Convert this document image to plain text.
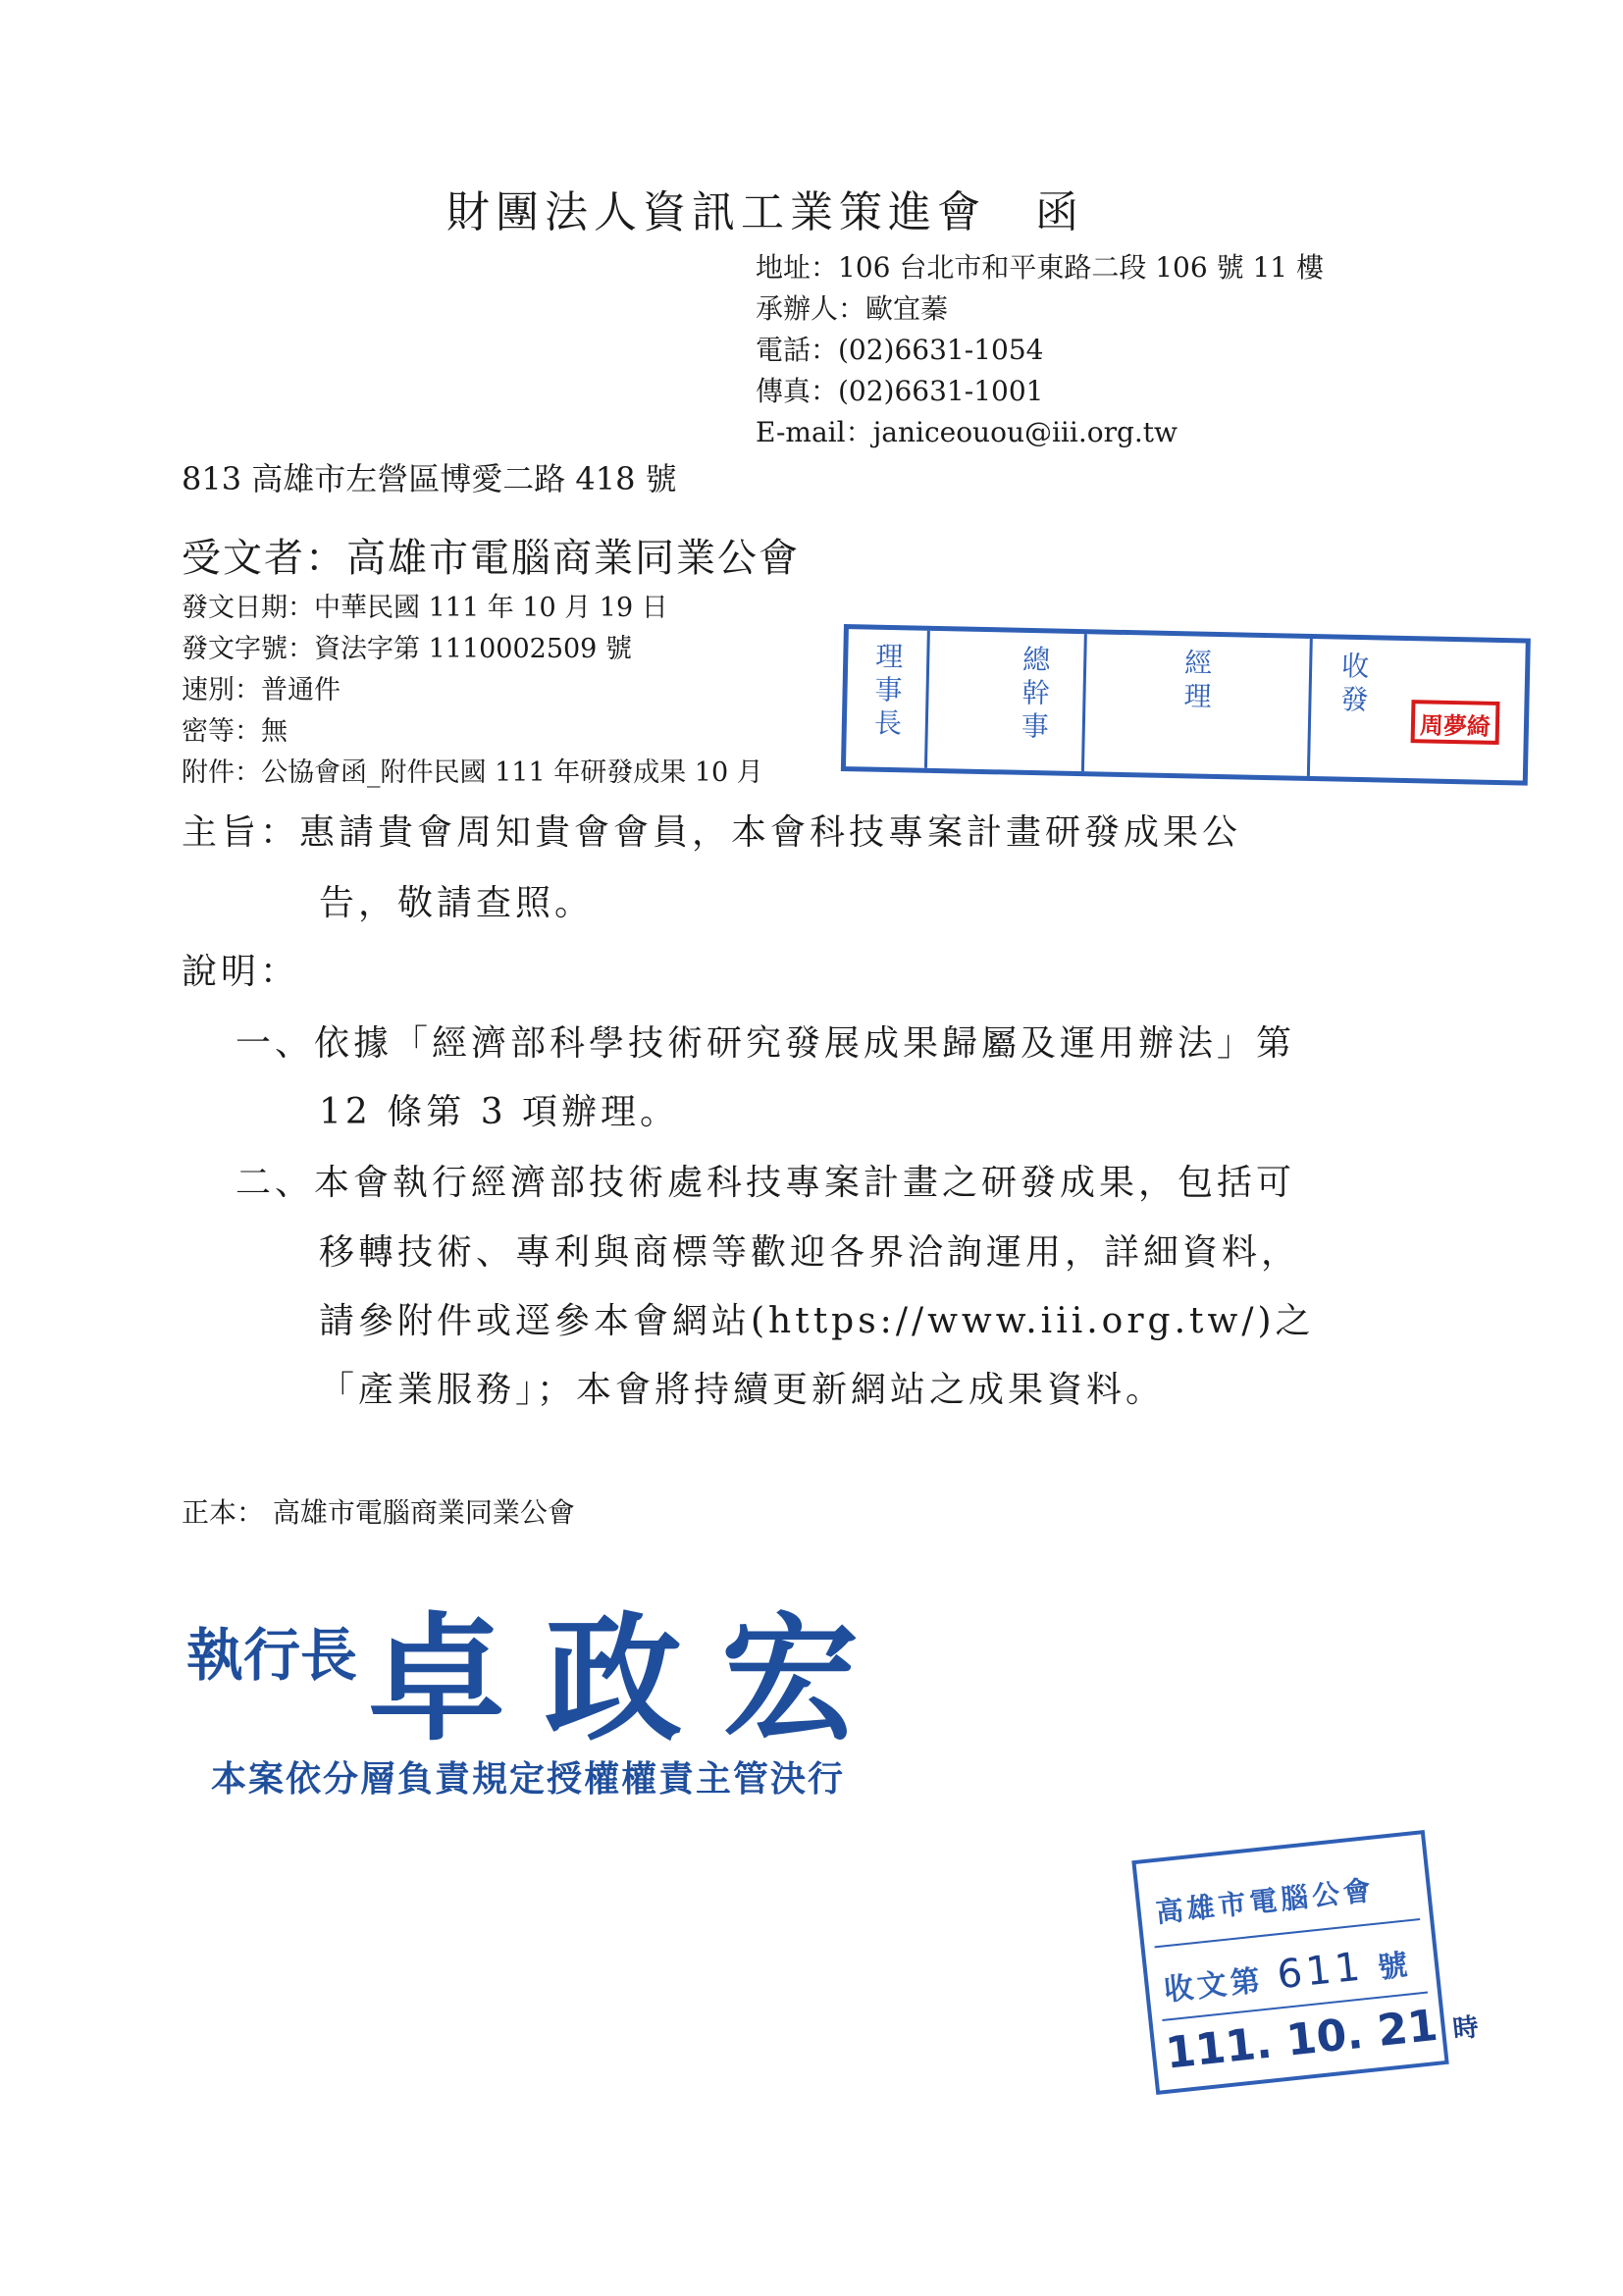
財團法人資訊工業策進會　函
地址：106 台北市和平東路二段 106 號 11 樓
承辦人：歐宜蓁
電話：(02)6631-1054
傳真：(02)6631-1001
E-mail：janiceouou@iii.org.tw
813 高雄市左營區博愛二路 418 號
受文者：高雄市電腦商業同業公會
發文日期：中華民國 111 年 10 月 19 日
發文字號：資法字第 1110002509 號
速別：普通件
密等：無
附件：公協會函_附件民國 111 年研發成果 10 月
理事長	總幹事	經理	收發
周夢綺
主旨：惠請貴會周知貴會會員，本會科技專案計畫研發成果公
告，敬請查照。
說明：
一、依據「經濟部科學技術研究發展成果歸屬及運用辦法」第
12 條第 3 項辦理。
二、本會執行經濟部技術處科技專案計畫之研發成果，包括可
移轉技術、專利與商標等歡迎各界洽詢運用，詳細資料，
請參附件或逕參本會網站(https://www.iii.org.tw/)之
「產業服務」；本會將持續更新網站之成果資料。
正本： 高雄市電腦商業同業公會
執行長 卓政宏
本案依分層負責規定授權權責主管決行
高雄市電腦公會
收文第 611 號
111. 10. 21 時
